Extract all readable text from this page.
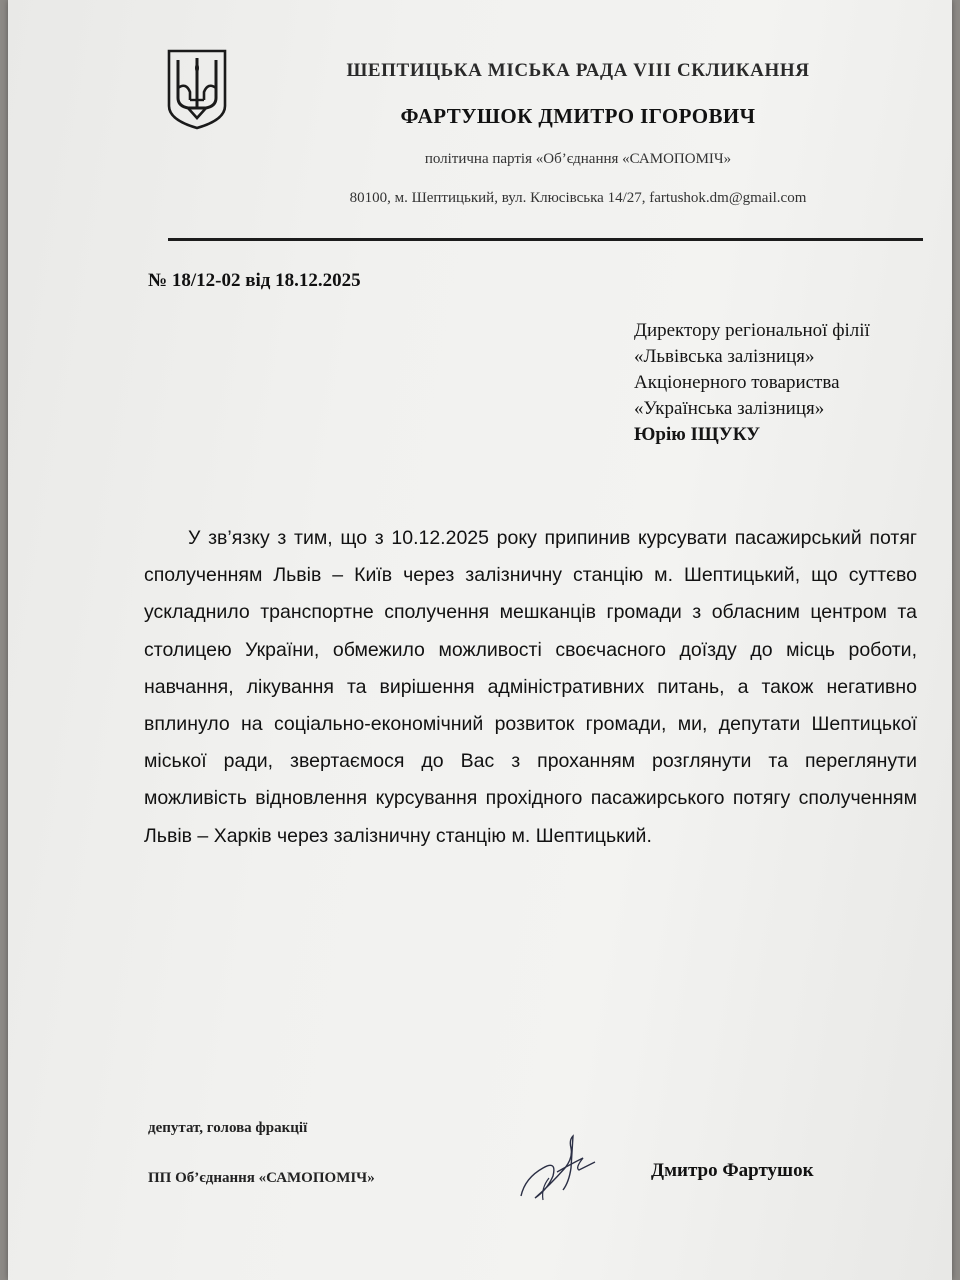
ШЕПТИЦЬКА МІСЬКА РАДА VIII СКЛИКАННЯ
ФАРТУШОК ДМИТРО ІГОРОВИЧ
політична партія «Об’єднання «САМОПОМІЧ»
80100, м. Шептицький, вул. Клюсівська 14/27, fartushok.dm@gmail.com
№ 18/12-02 від 18.12.2025
Директору регіональної філії
«Львівська залізниця»
Акціонерного товариства
«Українська залізниця»
Юрію ІЩУКУ

У зв’язку з тим, що з 10.12.2025 року припинив курсувати пасажирський потяг сполученням Львів – Київ через залізничну станцію м. Шептицький, що суттєво ускладнило транспортне сполучення мешканців громади з обласним центром та столицею України, обмежило можливості своєчасного доїзду до місць роботи, навчання, лікування та вирішення адміністративних питань, а також негативно вплинуло на соціально-економічний розвиток громади, ми, депутати Шептицької міської ради, звертаємося до Вас з проханням розглянути та переглянути можливість відновлення курсування прохідного пасажирського потягу сполученням Львів – Харків через залізничну станцію м. Шептицький.

депутат, голова фракції
ПП Об’єднання «САМОПОМІЧ»	Дмитро Фартушок
